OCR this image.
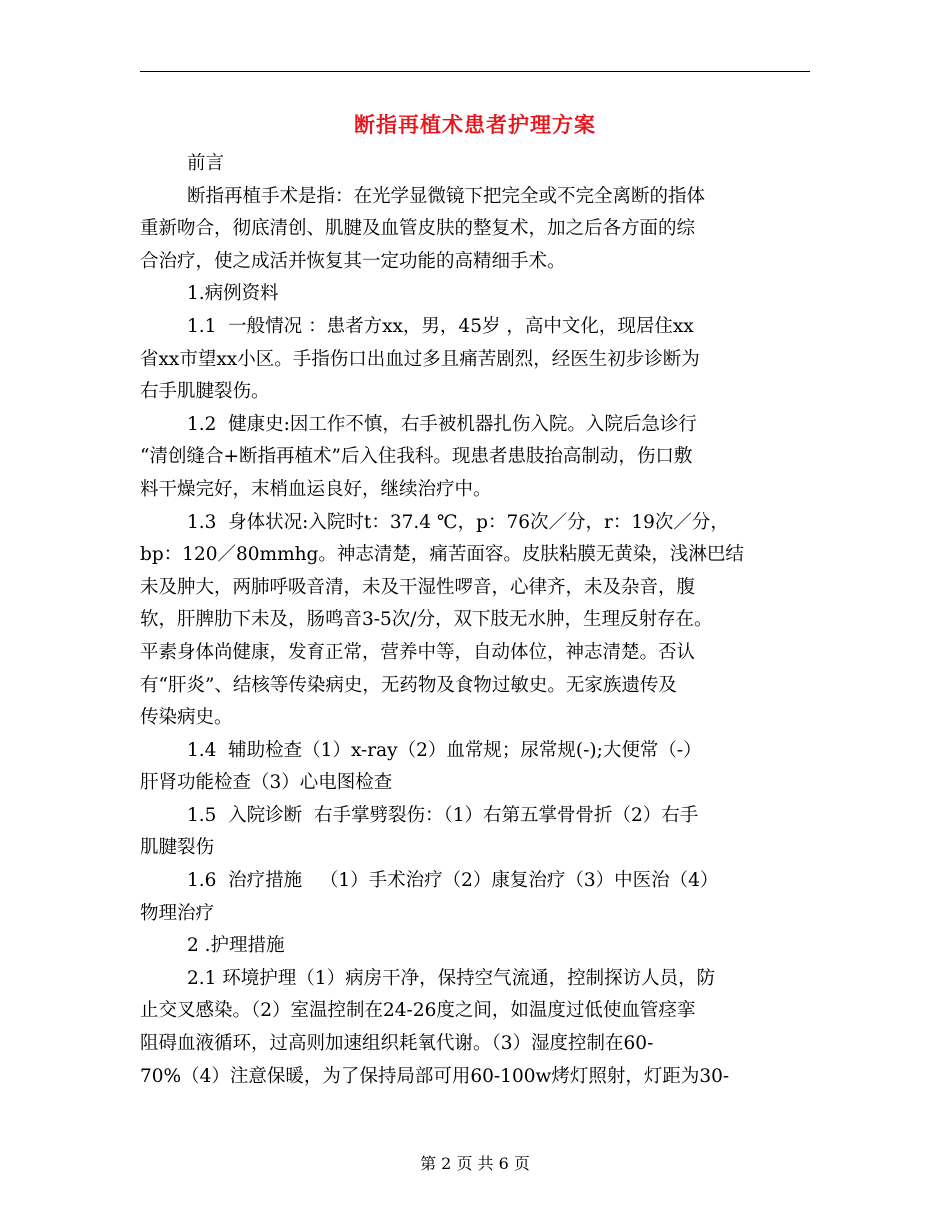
断指再植术患者护理方案
前言
断指再植手术是指：在光学显微镜下把完全或不完全离断的指体
重新吻合，彻底清创、肌腱及血管皮肤的整复术，加之后各方面的综
合治疗，使之成活并恢复其一定功能的高精细手术。
1.病例资料
1.1  一般情况 ：患者方xx，男，45岁 ，高中文化，现居住xx
省xx市望xx小区。手指伤口出血过多且痛苦剧烈，经医生初步诊断为
右手肌腱裂伤。
1.2  健康史:因工作不慎，右手被机器扎伤入院。入院后急诊行
“清创缝合+断指再植术”后入住我科。现患者患肢抬高制动，伤口敷
料干燥完好，末梢血运良好，继续治疗中。
1.3  身体状况:入院时t：37.4 ℃，p：76次／分，r：19次／分，
bp：120／80mmhg。神志清楚，痛苦面容。皮肤粘膜无黄染，浅淋巴结
未及肿大，两肺呼吸音清，未及干湿性啰音，心律齐，未及杂音，腹
软，肝脾肋下未及，肠鸣音3-5次/分，双下肢无水肿，生理反射存在。
平素身体尚健康，发育正常，营养中等，自动体位，神志清楚。否认
有“肝炎”、结核等传染病史，无药物及食物过敏史。无家族遗传及
传染病史。
1.4  辅助检查（1）x-ray（2）血常规；尿常规(-);大便常（-）
肝肾功能检查（3）心电图检查
1.5  入院诊断  右手掌劈裂伤：（1）右第五掌骨骨折（2）右手
肌腱裂伤
1.6  治疗措施   （1）手术治疗（2）康复治疗（3）中医治（4）
物理治疗
2 .护理措施
2.1 环境护理（1）病房干净，保持空气流通，控制探访人员，防
止交叉感染。（2）室温控制在24-26度之间，如温度过低使血管痉挛
阻碍血液循环，过高则加速组织耗氧代谢。（3）湿度控制在60-
70%（4）注意保暖，为了保持局部可用60-100w烤灯照射，灯距为30-
第 2 页 共 6 页
